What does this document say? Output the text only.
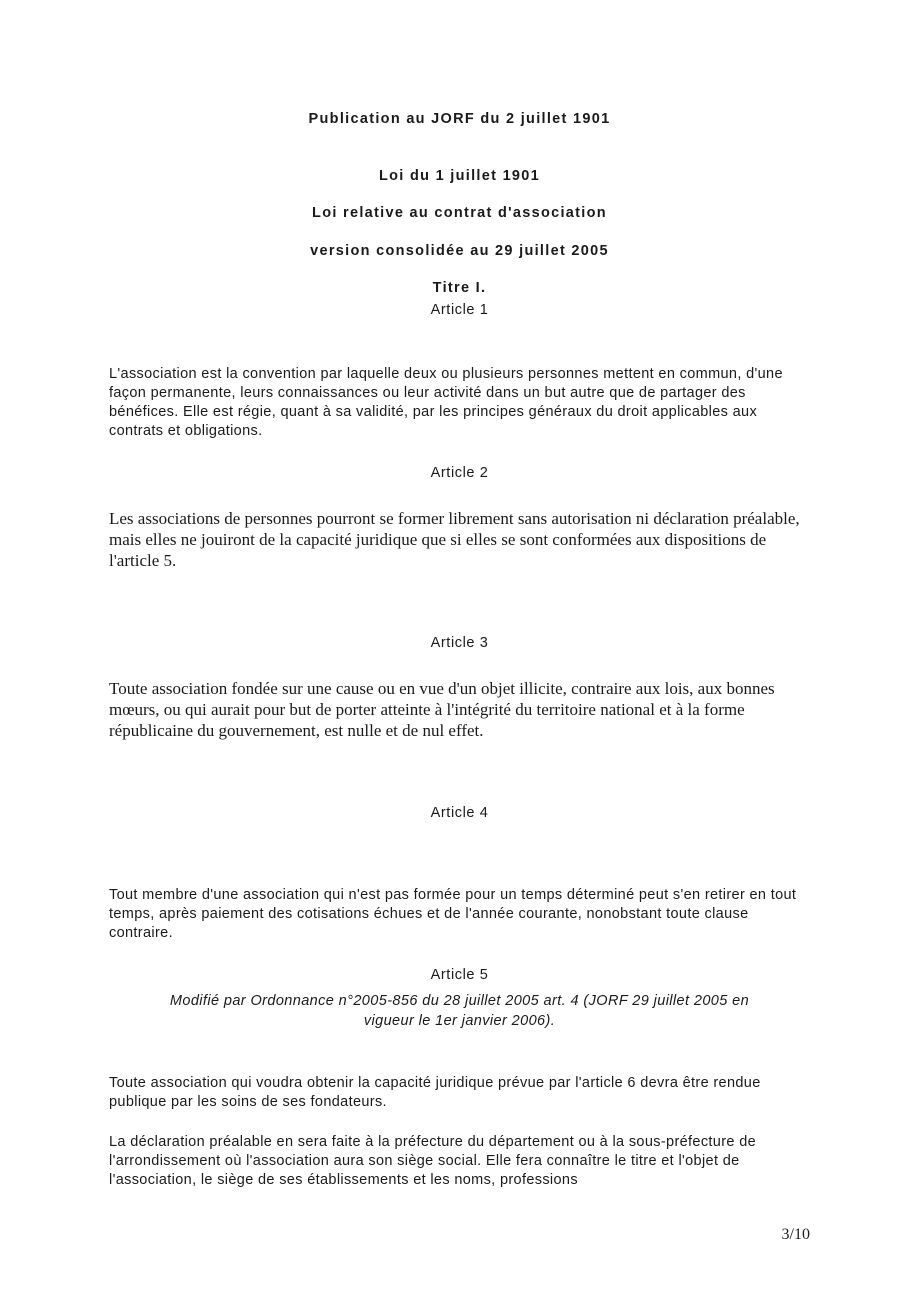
Publication au JORF du 2 juillet 1901
Loi du 1 juillet 1901
Loi relative au contrat d'association
version consolidée au 29 juillet 2005
Titre I.
Article 1

L'association est la convention par laquelle deux ou plusieurs personnes mettent en commun, d'une façon permanente, leurs connaissances ou leur activité dans un but autre que de partager des bénéfices. Elle est régie, quant à sa validité, par les principes généraux du droit applicables aux contrats et obligations.

Article 2

Les associations de personnes pourront se former librement sans autorisation ni déclaration préalable, mais elles ne jouiront de la capacité juridique que si elles se sont conformées aux dispositions de l'article 5.

Article 3

Toute association fondée sur une cause ou en vue d'un objet illicite, contraire aux lois, aux bonnes mœurs, ou qui aurait pour but de porter atteinte à l'intégrité du territoire national et à la forme républicaine du gouvernement, est nulle et de nul effet.

Article 4

Tout membre d'une association qui n'est pas formée pour un temps déterminé peut s'en retirer en tout temps, après paiement des cotisations échues et de l'année courante, nonobstant toute clause contraire.

Article 5
Modifié par Ordonnance n°2005-856 du 28 juillet 2005 art. 4 (JORF 29 juillet 2005 en
vigueur le 1er janvier 2006).

Toute association qui voudra obtenir la capacité juridique prévue par l'article 6 devra être rendue publique par les soins de ses fondateurs.

La déclaration préalable en sera faite à la préfecture du département ou à la sous-préfecture de l'arrondissement où l'association aura son siège social. Elle fera connaître le titre et l'objet de l'association, le siège de ses établissements et les noms, professions

3/10
